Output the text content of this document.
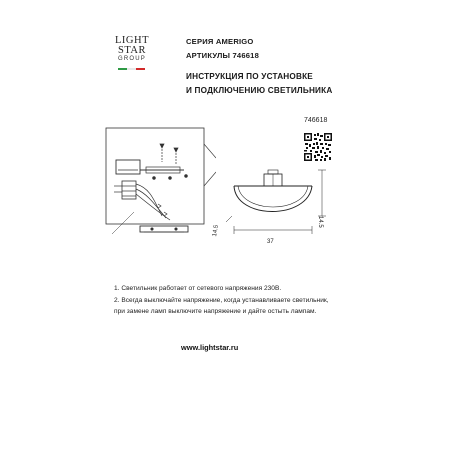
LIGHT
STAR
GROUP
СЕРИЯ AMERIGO
АРТИКУЛЫ 746618
ИНСТРУКЦИЯ ПО УСТАНОВКЕ
И ПОДКЛЮЧЕНИЮ СВЕТИЛЬНИКА
746618
37
14.5
14.5
1. Светильник работает от сетевого напряжения 230В.
2. Всегда выключайте напряжение, когда устанавливаете светильник,
при замене ламп выключите напряжение и дайте остыть лампам.
www.lightstar.ru
